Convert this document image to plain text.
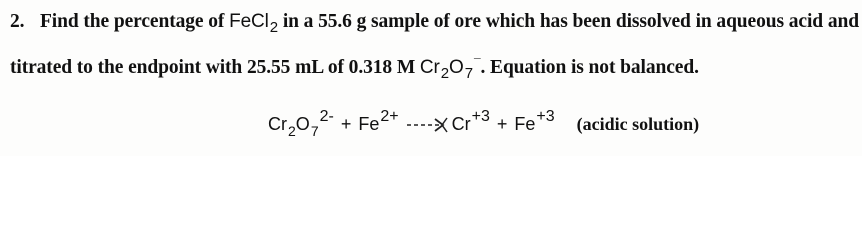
2. Find the percentage of FeCl$_2$ in a 55.6 g sample of ore which has been dissolved in aqueous acid and
titrated to the endpoint with 25.55 mL of 0.318 M $Cr_2O_7^¯$. Equation is not balanced.
$Cr_2O_72- + Fe2+$	Cr+3 + Fe+3 (acidic solution)
